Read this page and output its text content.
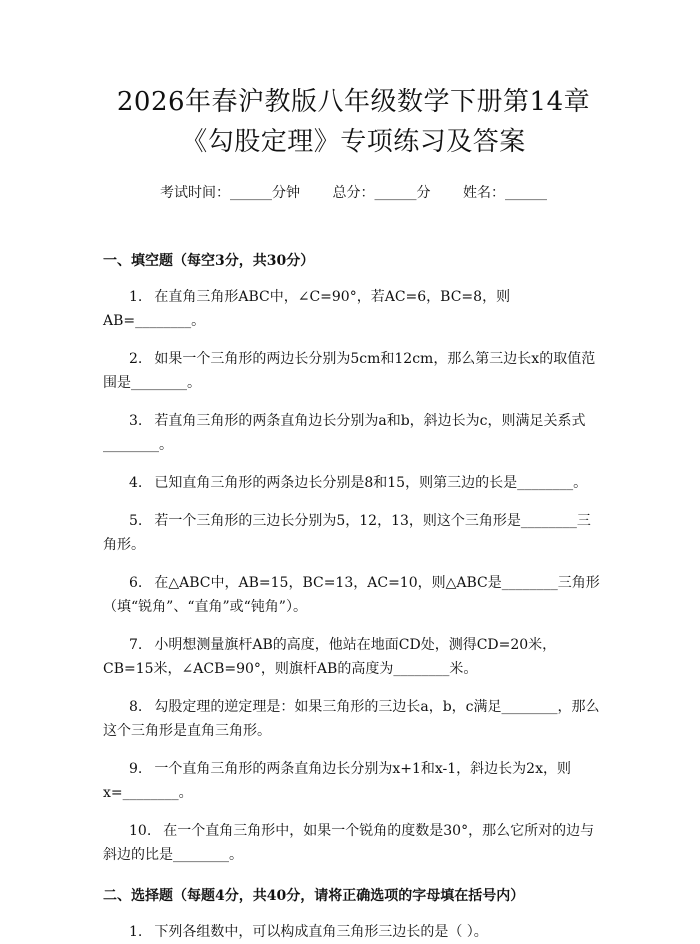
2026年春沪教版八年级数学下册第14章
《勾股定理》专项练习及答案
考试时间：______分钟 总分：______分 姓名：______
一、填空题（每空3分，共30分）

1. 在直角三角形ABC中，∠C=90°，若AC=6，BC=8，则AB=________。

2. 如果一个三角形的两边长分别为5cm和12cm，那么第三边长x的取值范围是________。

3. 若直角三角形的两条直角边长分别为a和b，斜边长为c，则满足关系式________。

4. 已知直角三角形的两条边长分别是8和15，则第三边的长是________。

5. 若一个三角形的三边长分别为5，12，13，则这个三角形是________三角形。

6. 在△ABC中，AB=15，BC=13，AC=10，则△ABC是________三角形（填“锐角”、“直角”或“钝角”）。

7. 小明想测量旗杆AB的高度，他站在地面CD处，测得CD=20米，CB=15米，∠ACB=90°，则旗杆AB的高度为________米。

8. 勾股定理的逆定理是：如果三角形的三边长a，b，c满足________，那么这个三角形是直角三角形。

9. 一个直角三角形的两条直角边长分别为x+1和x-1，斜边长为2x，则x=________。

10. 在一个直角三角形中，如果一个锐角的度数是30°，那么它所对的边与斜边的比是________。

二、选择题（每题4分，共40分，请将正确选项的字母填在括号内）

1. 下列各组数中，可以构成直角三角形三边长的是（ ）。
